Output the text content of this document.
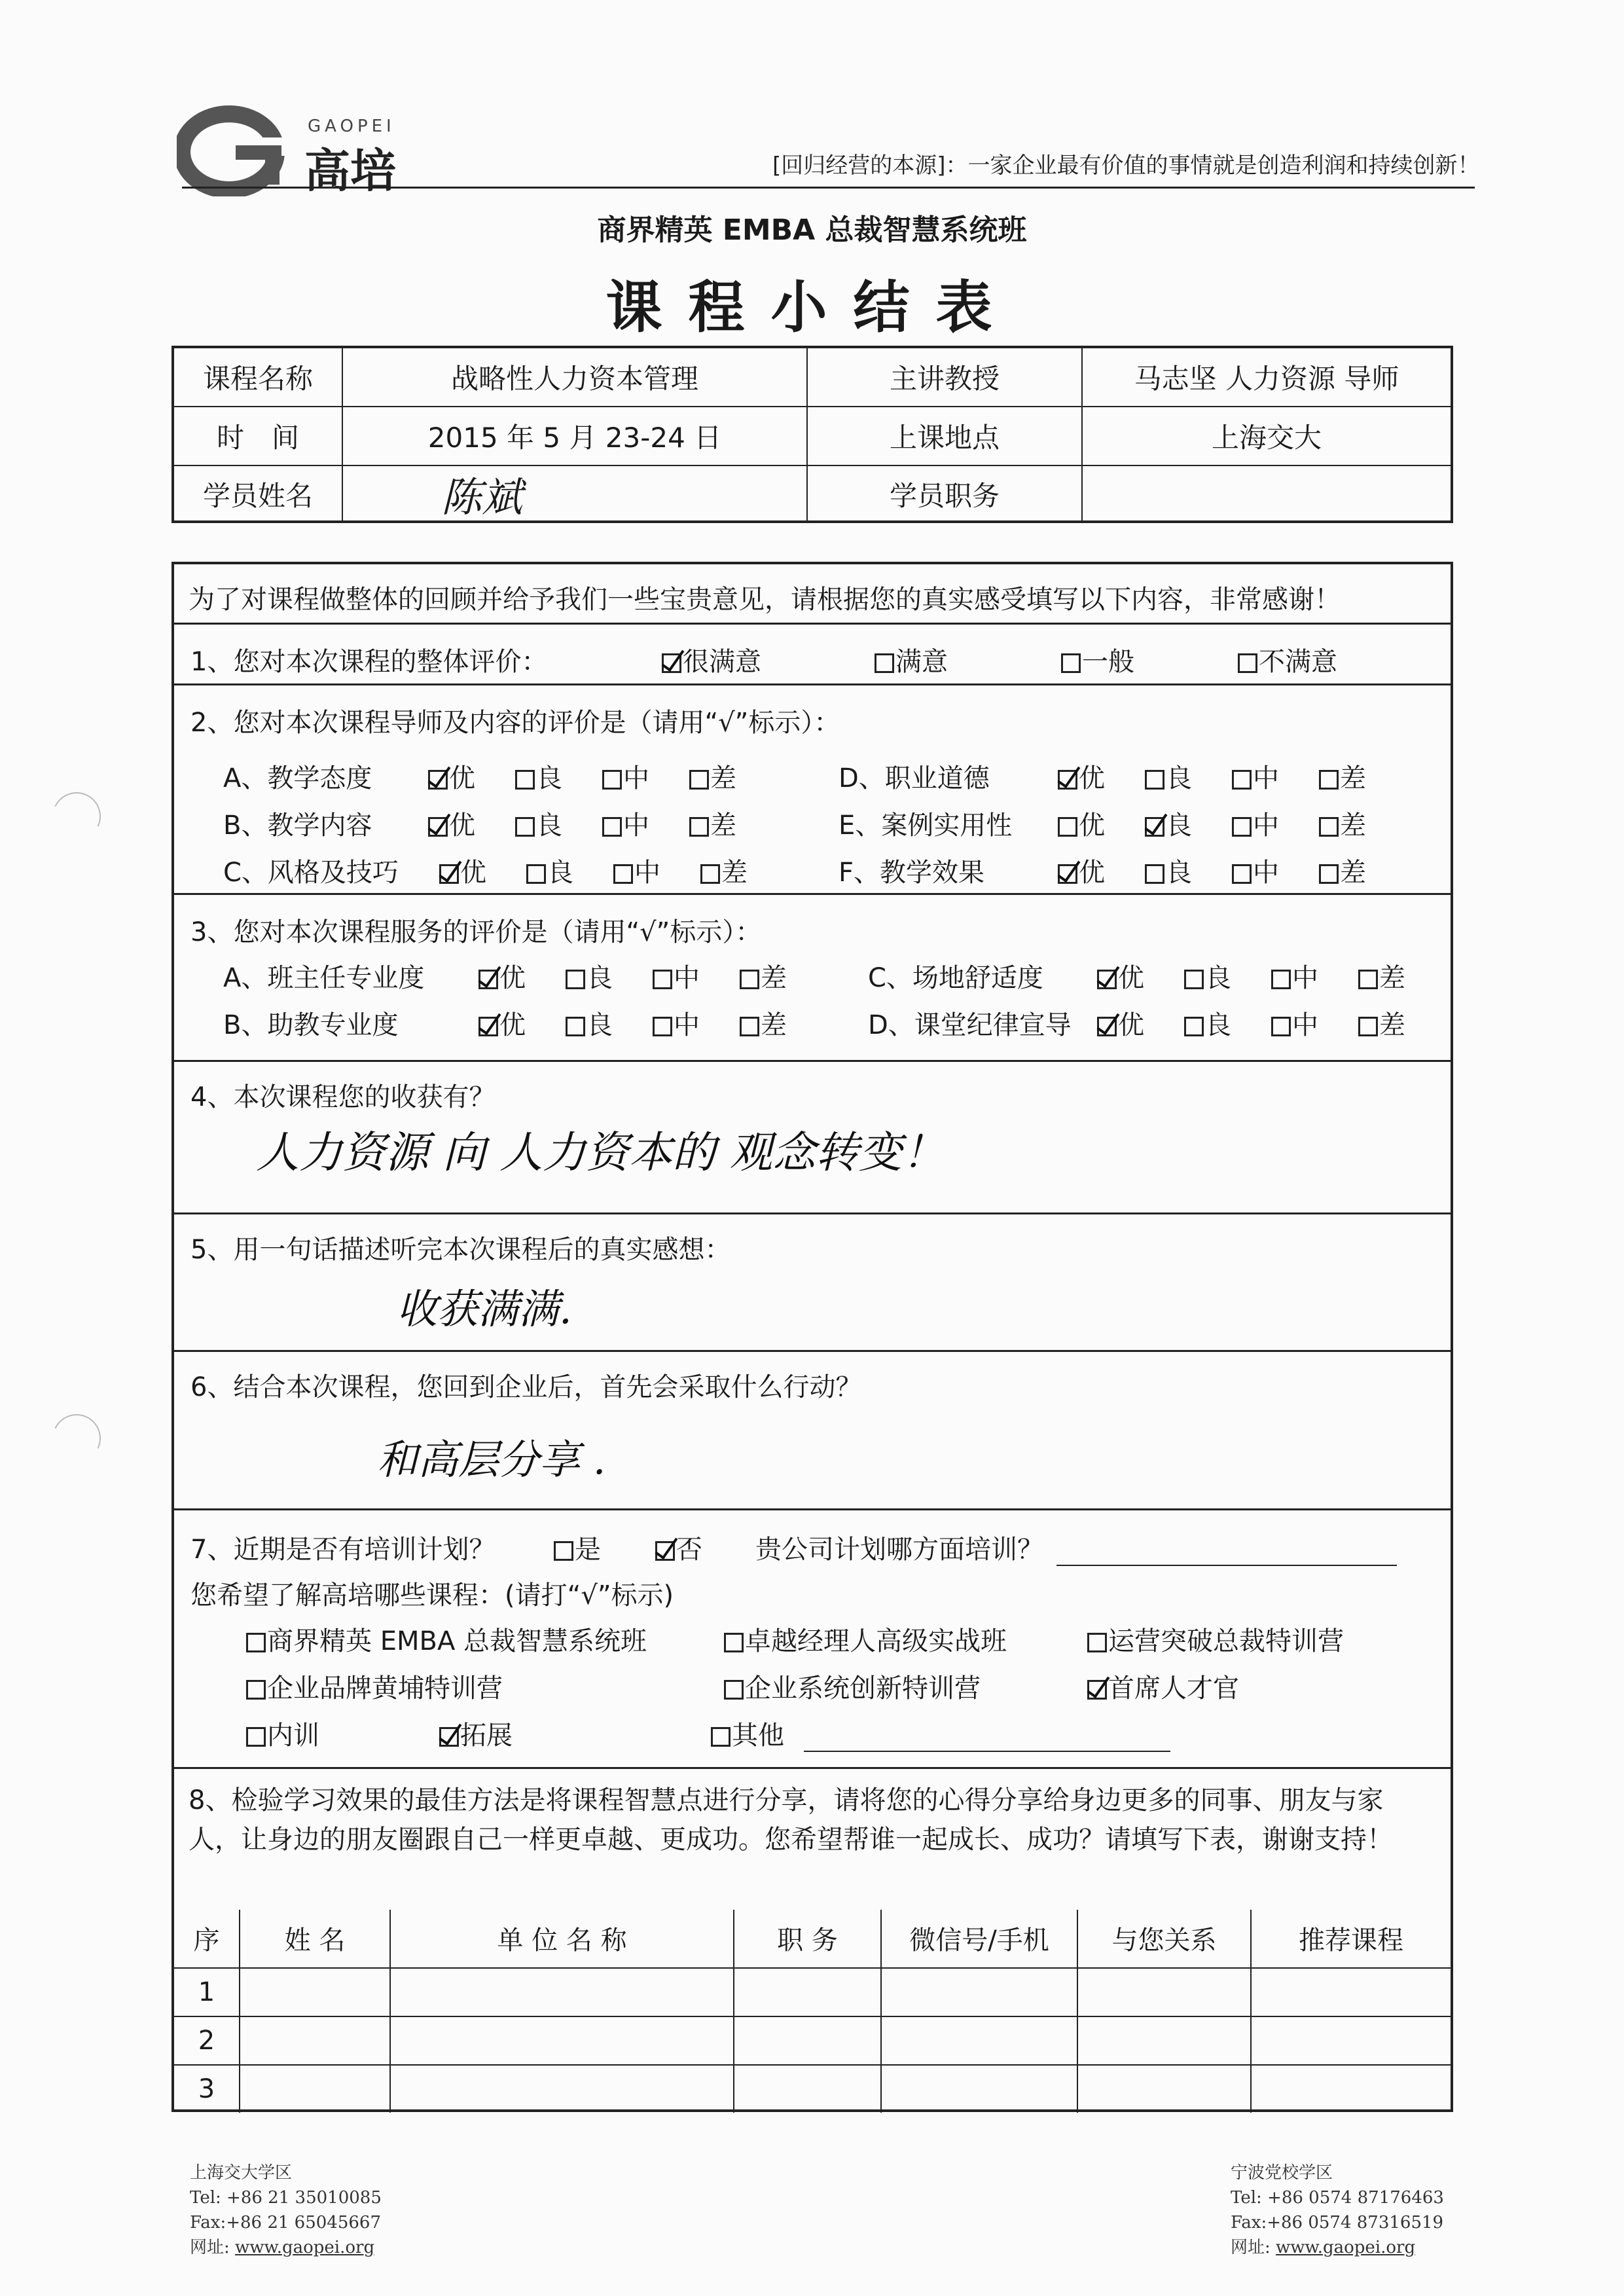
GAOPEI
高培	[回归经营的本源]：一家企业最有价值的事情就是创造利润和持续创新！
商界精英 EMBA 总裁智慧系统班
课程小结表
课程名称	战略性人力资本管理	主讲教授	马志坚 人力资源 导师
时　间	2015 年 5 月 23-24 日	上课地点	上海交大
学员姓名	陈斌	学员职务
为了对课程做整体的回顾并给予我们一些宝贵意见，请根据您的真实感受填写以下内容，非常感谢！
1、您对本次课程的整体评价：	很满意	满意	一般	不满意
2、您对本次课程导师及内容的评价是（请用“√”标示）：
A、教学态度	优	良	中	差
B、教学内容	优	良	中	差
C、风格及技巧	优	良	中	差
D、职业道德	优	良	中	差
E、案例实用性	优	良	中	差
F、教学效果	优	良	中	差
3、您对本次课程服务的评价是（请用“√”标示）：
A、班主任专业度	优	良	中	差
B、助教专业度	优	良	中	差
C、场地舒适度	优	良	中	差
D、课堂纪律宣导	优	良	中	差
4、本次课程您的收获有？
人力资源 向 人力资本的 观念转变！
5、用一句话描述听完本次课程后的真实感想：
收获满满.
6、结合本次课程，您回到企业后，首先会采取什么行动？
和高层分享 .
7、近期是否有培训计划？	是	否 贵公司计划哪方面培训？
您希望了解高培哪些课程：(请打“√”标示)
商界精英 EMBA 总裁智慧系统班	卓越经理人高级实战班	运营突破总裁特训营
企业品牌黄埔特训营	企业系统创新特训营	首席人才官
内训	拓展	其他
8、检验学习效果的最佳方法是将课程智慧点进行分享，请将您的心得分享给身边更多的同事、朋友与家人，让身边的朋友圈跟自己一样更卓越、更成功。您希望帮谁一起成长、成功？请填写下表，谢谢支持！
序	姓 名	单 位 名 称	职 务	微信号/手机	与您关系	推荐课程
1						
2						
3						
上海交大学区
Tel: +86 21 35010085
Fax:+86 21 65045667
网址: www.gaopei.org
宁波党校学区
Tel: +86 0574 87176463
Fax:+86 0574 87316519
网址: www.gaopei.org
